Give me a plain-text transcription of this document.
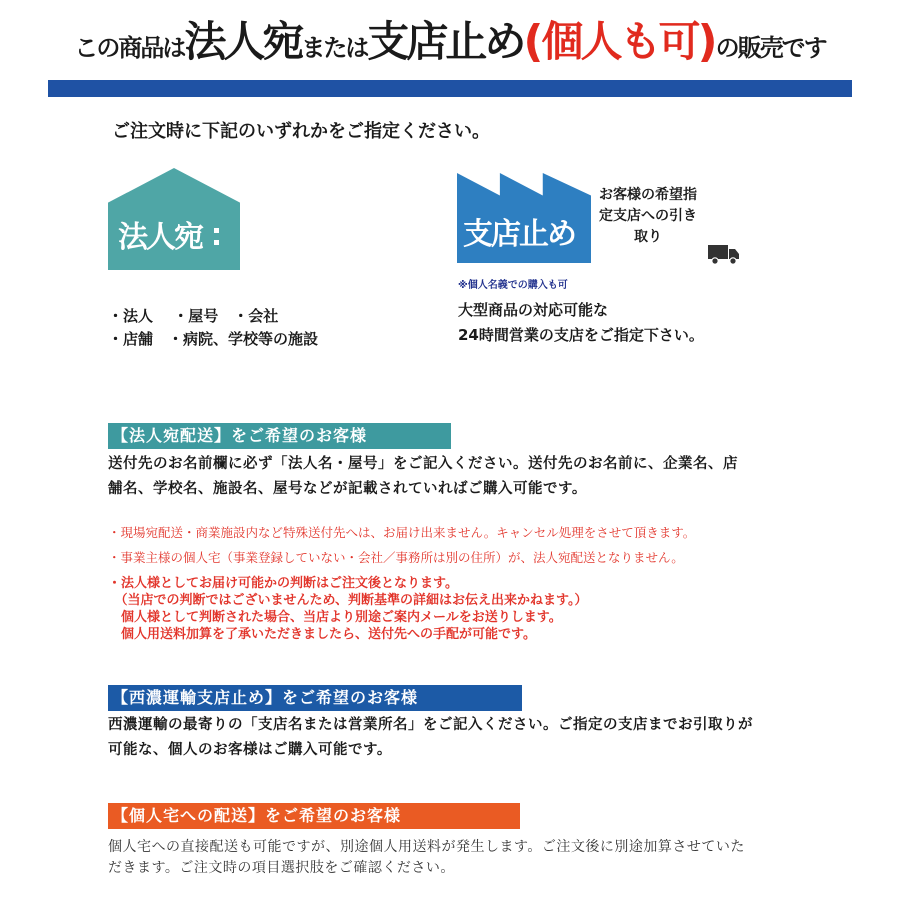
この商品は法人宛または支店止め(個人も可)の販売です
ご注文時に下記のいずれかをご指定ください。
法人宛
・法人　 ・屋号　・会社
・店舗　・病院、学校等の施設
支店止め
お客様の希望指定支店への引き取り
※個人名義での購入も可
大型商品の対応可能な
24時間営業の支店をご指定下さい。
【法人宛配送】をご希望のお客様
送付先のお名前欄に必ず「法人名・屋号」をご記入ください。送付先のお名前に、企業名、店舗名、学校名、施設名、屋号などが記載されていればご購入可能です。
・現場宛配送・商業施設内など特殊送付先へは、お届け出来ません。キャンセル処理をさせて頂きます。
・事業主様の個人宅（事業登録していない・会社／事務所は別の住所）が、法人宛配送となりません。
・法人様としてお届け可能かの判断はご注文後となります。
　（当店での判断ではございませんため、判断基準の詳細はお伝え出来かねます。）
　個人様として判断された場合、当店より別途ご案内メールをお送りします。
　個人用送料加算を了承いただきましたら、送付先への手配が可能です。
【西濃運輸支店止め】をご希望のお客様
西濃運輸の最寄りの「支店名または営業所名」をご記入ください。ご指定の支店までお引取りが可能な、個人のお客様はご購入可能です。
【個人宅への配送】をご希望のお客様
個人宅への直接配送も可能ですが、別途個人用送料が発生します。ご注文後に別途加算させていただきます。ご注文時の項目選択肢をご確認ください。
